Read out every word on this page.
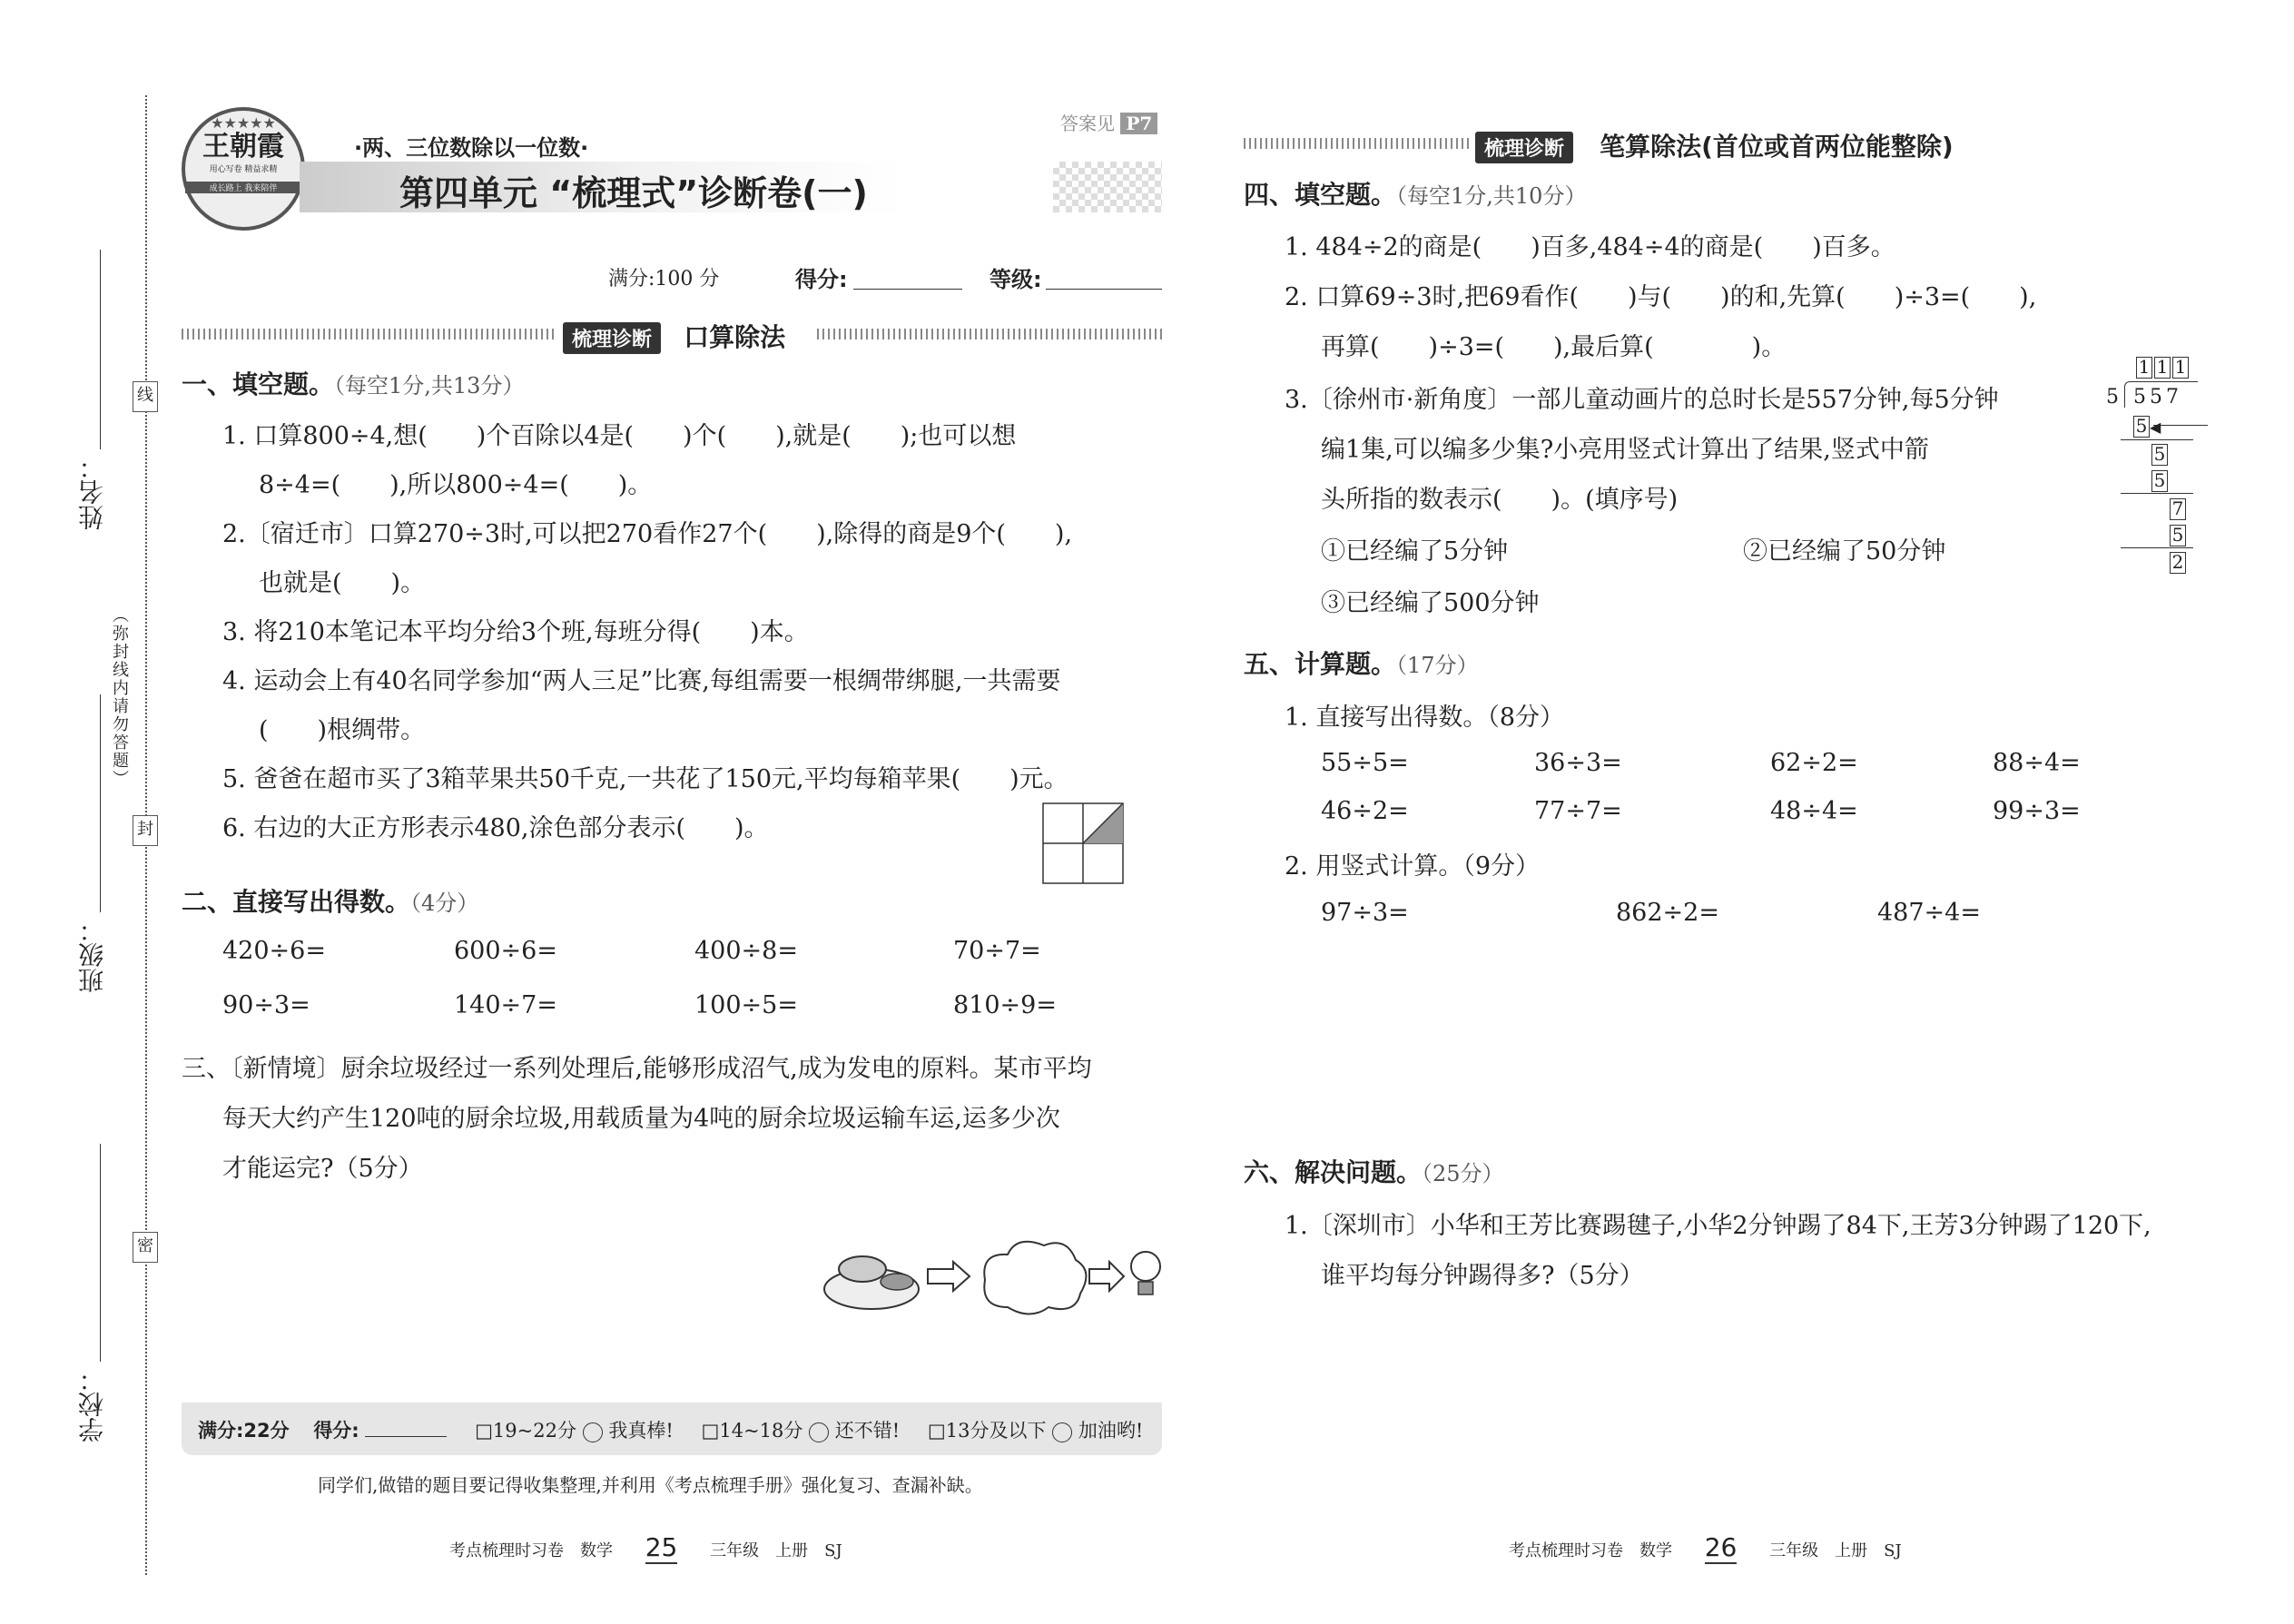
线
封
密
（弥封线内请勿答题）
姓名：
班级：
学校：
★★★★★
王朝霞
用心写卷 精益求精
成长路上 我来陪伴
·两、三位数除以一位数·
第四单元 “梳理式”诊断卷(一)
答案见 P7
满分:100 分	得分:	等级:
梳理诊断 口算除法
一、填空题。（每空1分,共13分）
1. 口算800÷4,想(　　)个百除以4是(　　)个(　　),就是(　　);也可以想
8÷4=(　　),所以800÷4=(　　)。
2.〔宿迁市〕口算270÷3时,可以把270看作27个(　　),除得的商是9个(　　),
也就是(　　)。
3. 将210本笔记本平均分给3个班,每班分得(　　)本。
4. 运动会上有40名同学参加“两人三足”比赛,每组需要一根绸带绑腿,一共需要
(　　)根绸带。
5. 爸爸在超市买了3箱苹果共50千克,一共花了150元,平均每箱苹果(　　)元。
6. 右边的大正方形表示480,涂色部分表示(　　)。
二、直接写出得数。（4分）
420÷6=	600÷6=	400÷8=	70÷7=
90÷3=	140÷7=	100÷5=	810÷9=
三、〔新情境〕厨余垃圾经过一系列处理后,能够形成沼气,成为发电的原料。某市平均
每天大约产生120吨的厨余垃圾,用载质量为4吨的厨余垃圾运输车运,运多少次
才能运完?（5分）
满分:22分 得分:	□19~22分 我真棒! □14~18分 还不错! □13分及以下 加油哟!
同学们,做错的题目要记得收集整理,并利用《考点梳理手册》强化复习、查漏补缺。
考点梳理时习卷　数学 25 三年级　上册　SJ
梳理诊断 笔算除法(首位或首两位能整除)
四、填空题。（每空1分,共10分）
1. 484÷2的商是(　　)百多,484÷4的商是(　　)百多。
2. 口算69÷3时,把69看作(　　)与(　　)的和,先算(　　)÷3=(　　),
再算(　　)÷3=(　　),最后算(　　　　)。
3.〔徐州市·新角度〕一部儿童动画片的总时长是557分钟,每5分钟
编1集,可以编多少集?小亮用竖式计算出了结果,竖式中箭
头所指的数表示(　　)。(填序号)
①已经编了5分钟	②已经编了50分钟
③已经编了500分钟
1 1 1
5 557
5 ◀
5
5
7
5
2
五、计算题。（17分）
1. 直接写出得数。（8分）
55÷5=	36÷3=	62÷2=	88÷4=
46÷2=	77÷7=	48÷4=	99÷3=
2. 用竖式计算。（9分）
97÷3=	862÷2=	487÷4=
六、解决问题。（25分）
1.〔深圳市〕小华和王芳比赛踢毽子,小华2分钟踢了84下,王芳3分钟踢了120下,
谁平均每分钟踢得多?（5分）
考点梳理时习卷　数学 26 三年级　上册　SJ
